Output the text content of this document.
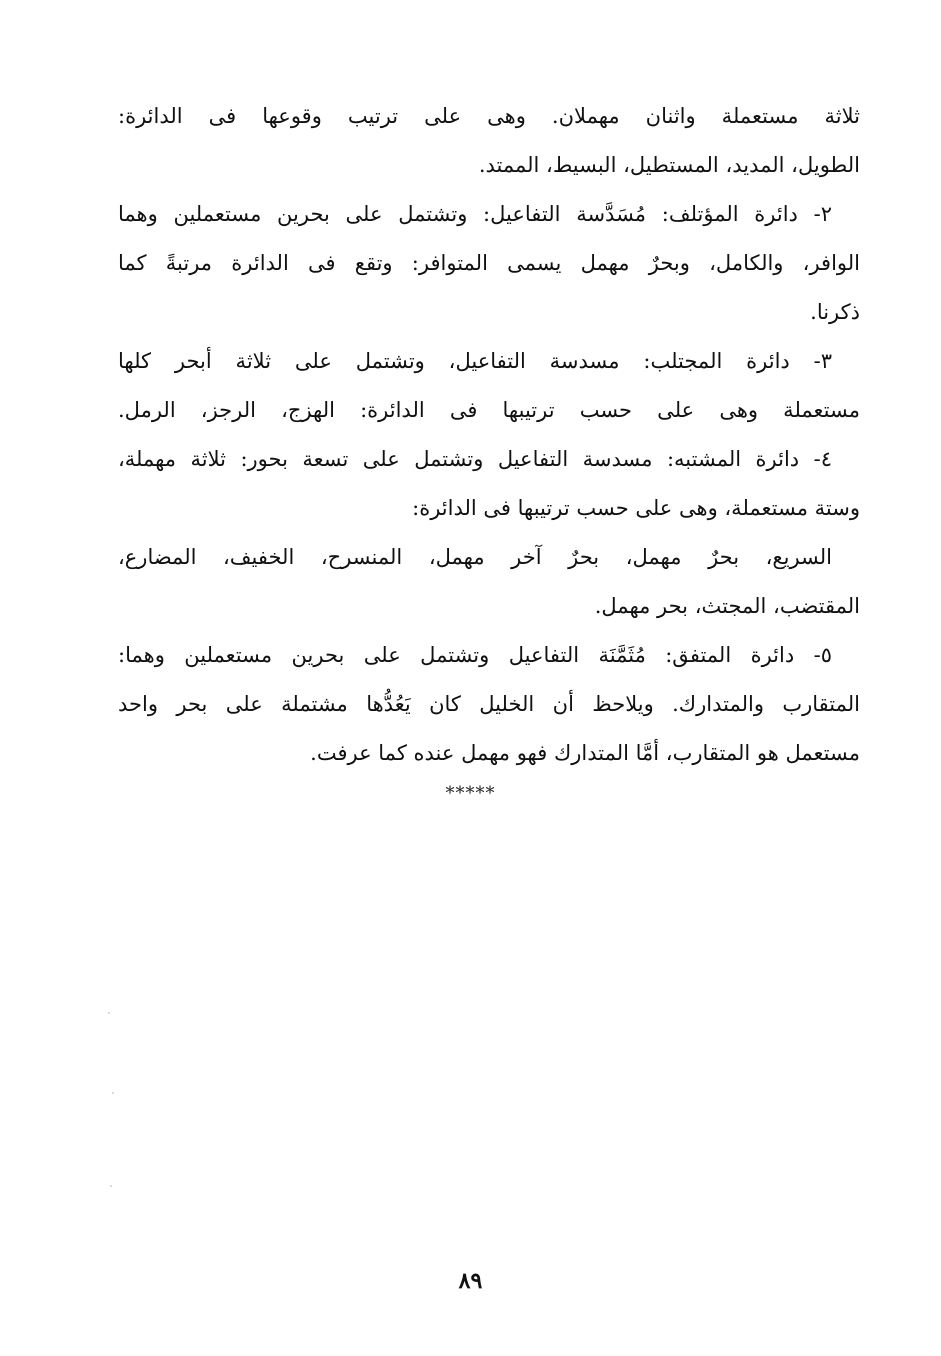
ثلاثة مستعملة واثنان مهملان. وهى على ترتيب وقوعها فى الدائرة:
الطويل، المديد، المستطيل، البسيط، الممتد.
٢- دائرة المؤتلف: مُسَدَّسة التفاعيل: وتشتمل على بحرين مستعملين وهما
الوافر، والكامل، وبحرٌ مهمل يسمى المتوافر: وتقع فى الدائرة مرتبةً كما
ذكرنا.
٣- دائرة المجتلب: مسدسة التفاعيل، وتشتمل على ثلاثة أبحر كلها
مستعملة وهى على حسب ترتيبها فى الدائرة: الهزج، الرجز، الرمل.
٤- دائرة المشتبه: مسدسة التفاعيل وتشتمل على تسعة بحور: ثلاثة مهملة،
وستة مستعملة، وهى على حسب ترتيبها فى الدائرة:
السريع، بحرٌ مهمل، بحرٌ آخر مهمل، المنسرح، الخفيف، المضارع،
المقتضب، المجتث، بحر مهمل.
٥- دائرة المتفق: مُثَمَّنَة التفاعيل وتشتمل على بحرين مستعملين وهما:
المتقارب والمتدارك. ويلاحظ أن الخليل كان يَعُدُّها مشتملة على بحر واحد
مستعمل هو المتقارب، أمَّا المتدارك فهو مهمل عنده كما عرفت.
*****
٨٩
